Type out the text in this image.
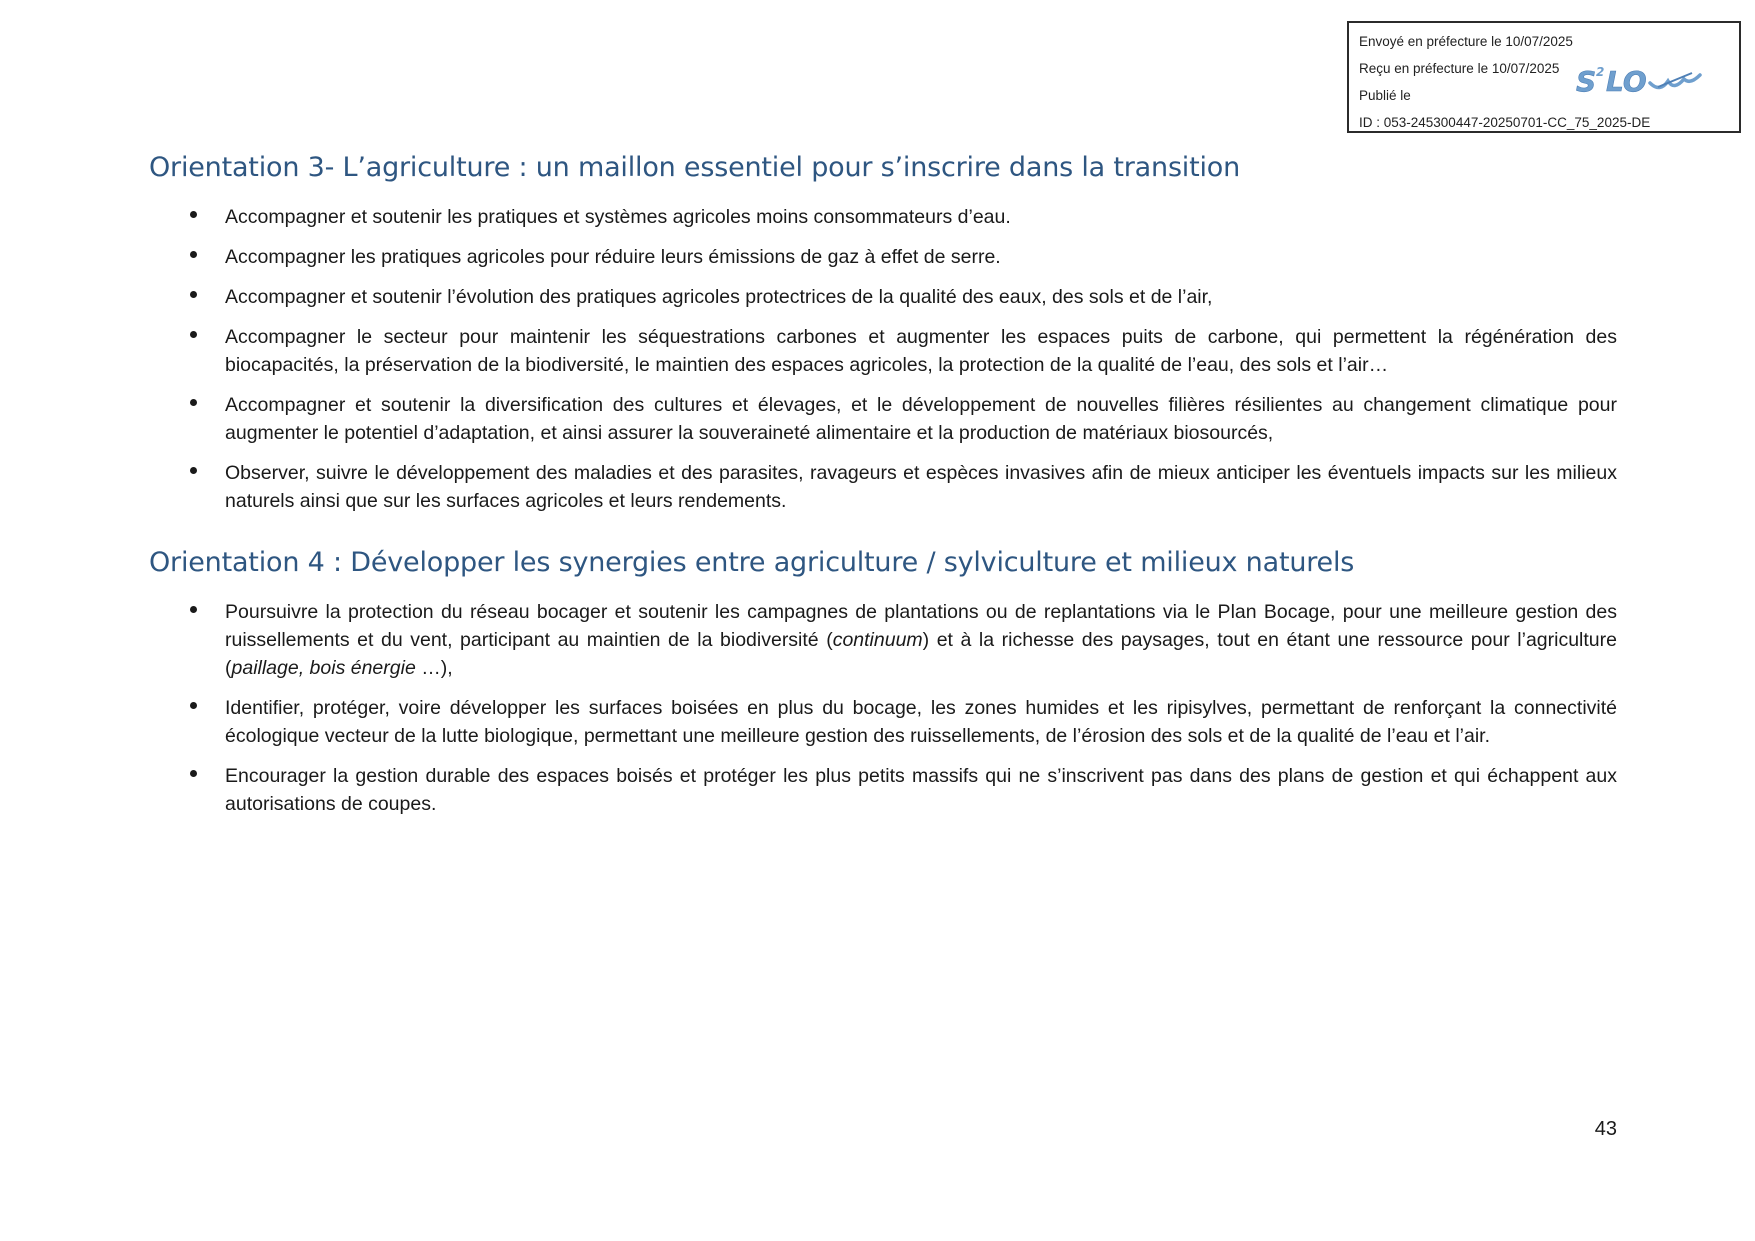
Envoyé en préfecture le 10/07/2025
Reçu en préfecture le 10/07/2025
Publié le
ID : 053-245300447-20250701-CC_75_2025-DE
S 2 LO
Orientation 3- L’agriculture : un maillon essentiel pour s’inscrire dans la transition
Accompagner et soutenir les pratiques et systèmes agricoles moins consommateurs d’eau.
Accompagner les pratiques agricoles pour réduire leurs émissions de gaz à effet de serre.
Accompagner et soutenir l’évolution des pratiques agricoles protectrices de la qualité des eaux, des sols et de l’air,
Accompagner le secteur pour maintenir les séquestrations carbones et augmenter les espaces puits de carbone, qui permettent la régénération des biocapacités, la préservation de la biodiversité, le maintien des espaces agricoles, la protection de la qualité de l’eau, des sols et l’air…
Accompagner et soutenir la diversification des cultures et élevages, et le développement de nouvelles filières résilientes au changement climatique pour augmenter le potentiel d’adaptation, et ainsi assurer la souveraineté alimentaire et la production de matériaux biosourcés,
Observer, suivre le développement des maladies et des parasites, ravageurs et espèces invasives afin de mieux anticiper les éventuels impacts sur les milieux naturels ainsi que sur les surfaces agricoles et leurs rendements.
Orientation 4 : Développer les synergies entre agriculture / sylviculture et milieux naturels
Poursuivre la protection du réseau bocager et soutenir les campagnes de plantations ou de replantations via le Plan Bocage, pour une meilleure gestion des ruissellements et du vent, participant au maintien de la biodiversité (continuum) et à la richesse des paysages, tout en étant une ressource pour l’agriculture (paillage, bois énergie …),
Identifier, protéger, voire développer les surfaces boisées en plus du bocage, les zones humides et les ripisylves, permettant de renforçant la connectivité écologique vecteur de la lutte biologique, permettant une meilleure gestion des ruissellements, de l’érosion des sols et de la qualité de l’eau et l’air.
Encourager la gestion durable des espaces boisés et protéger les plus petits massifs qui ne s’inscrivent pas dans des plans de gestion et qui échappent aux autorisations de coupes.
43
